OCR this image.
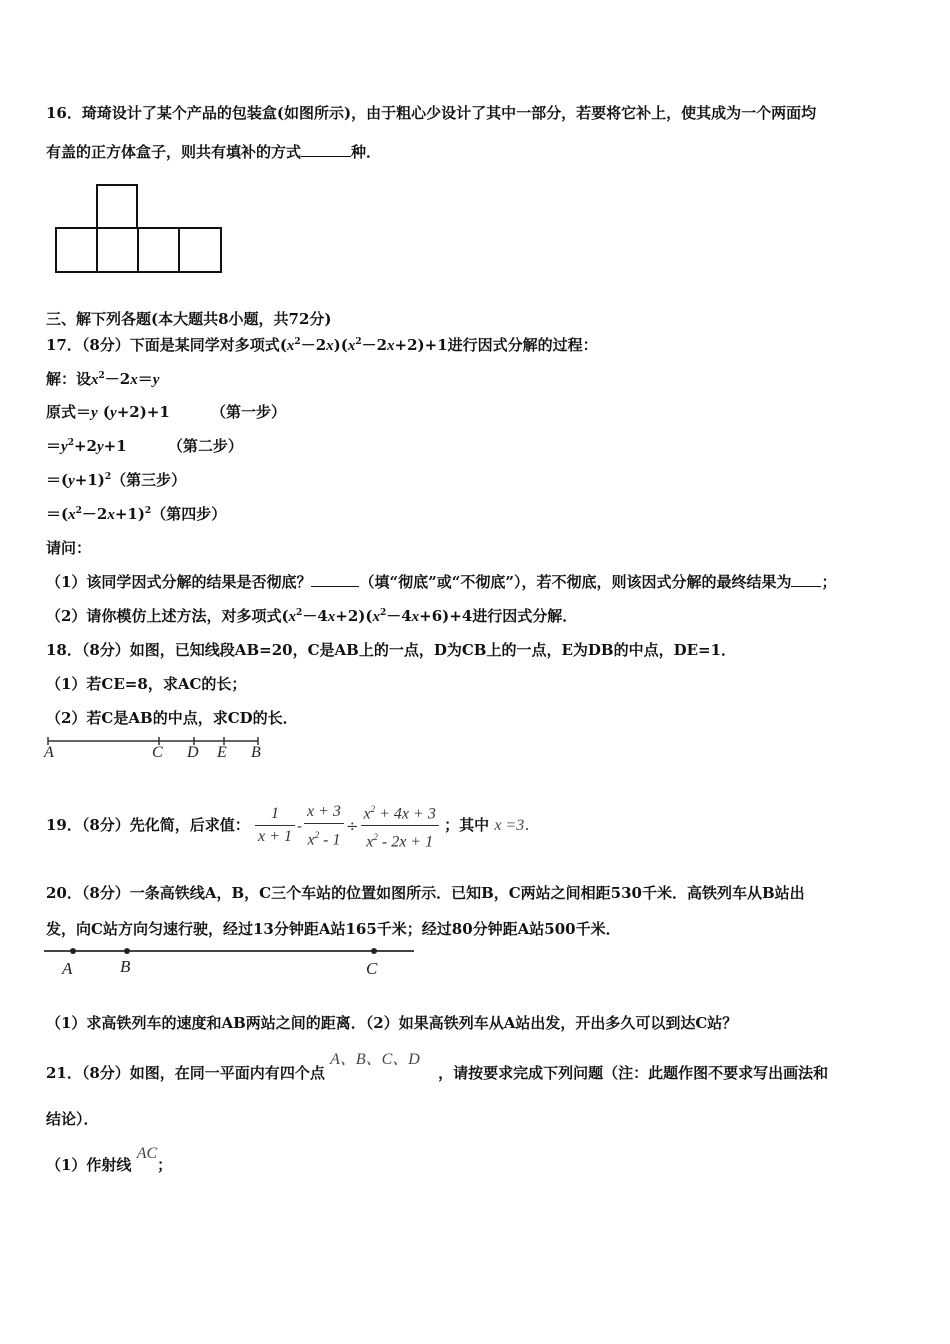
16．琦琦设计了某个产品的包装盒(如图所示)，由于粗心少设计了其中一部分，若要将它补上，使其成为一个两面均
有盖的正方体盒子，则共有填补的方式	种．
三、解下列各题(本大题共8小题，共72分)
17．（8分）下面是某同学对多项式$(x^2-2x)(x^2-2x+2)+1$进行因式分解的过程：
解：设$x^2-2x=y$
原式＝y (y+2)+1 （第一步）
$=y^2+2y+1$ （第二步）
$=(y+1)^2$（第三步）
$=(x^2-2x+1)^2$（第四步）
请问：
（1）该同学因式分解的结果是否彻底？	（填“彻底”或“不彻底”），若不彻底，则该因式分解的最终结果为 ；
（2）请你模仿上述方法，对多项式$(x^2-4x+2)(x^2-4x+6)+4$进行因式分解．
18．（8分）如图，已知线段AB=20，C是AB上的一点，D为CB上的一点，E为DB的中点，DE=1．
（1）若CE=8，求AC的长；
（2）若C是AB的中点，求CD的长．
A	C D E B
19．（8分）先化简，后求值： $\frac{1}{x + 1} - \frac{x + 3}{x^2 - 1} \div \frac{x^2 + 4x + 3}{x^2 - 2x + 1}$ ；其中 x =3．
20．（8分）一条高铁线A，B，C三个车站的位置如图所示．已知B，C两站之间相距530千米．高铁列车从B站出
发，向C站方向匀速行驶，经过13分钟距A站165千米；经过80分钟距A站500千米．
A	B	C
（1）求高铁列车的速度和AB两站之间的距离．（2）如果高铁列车从A站出发，开出多久可以到达C站？
21．（8分）如图，在同一平面内有四个点 A、B、C、D，请按要求完成下列问题（注：此题作图不要求写出画法和
结论）．
（1）作射线 AC；
